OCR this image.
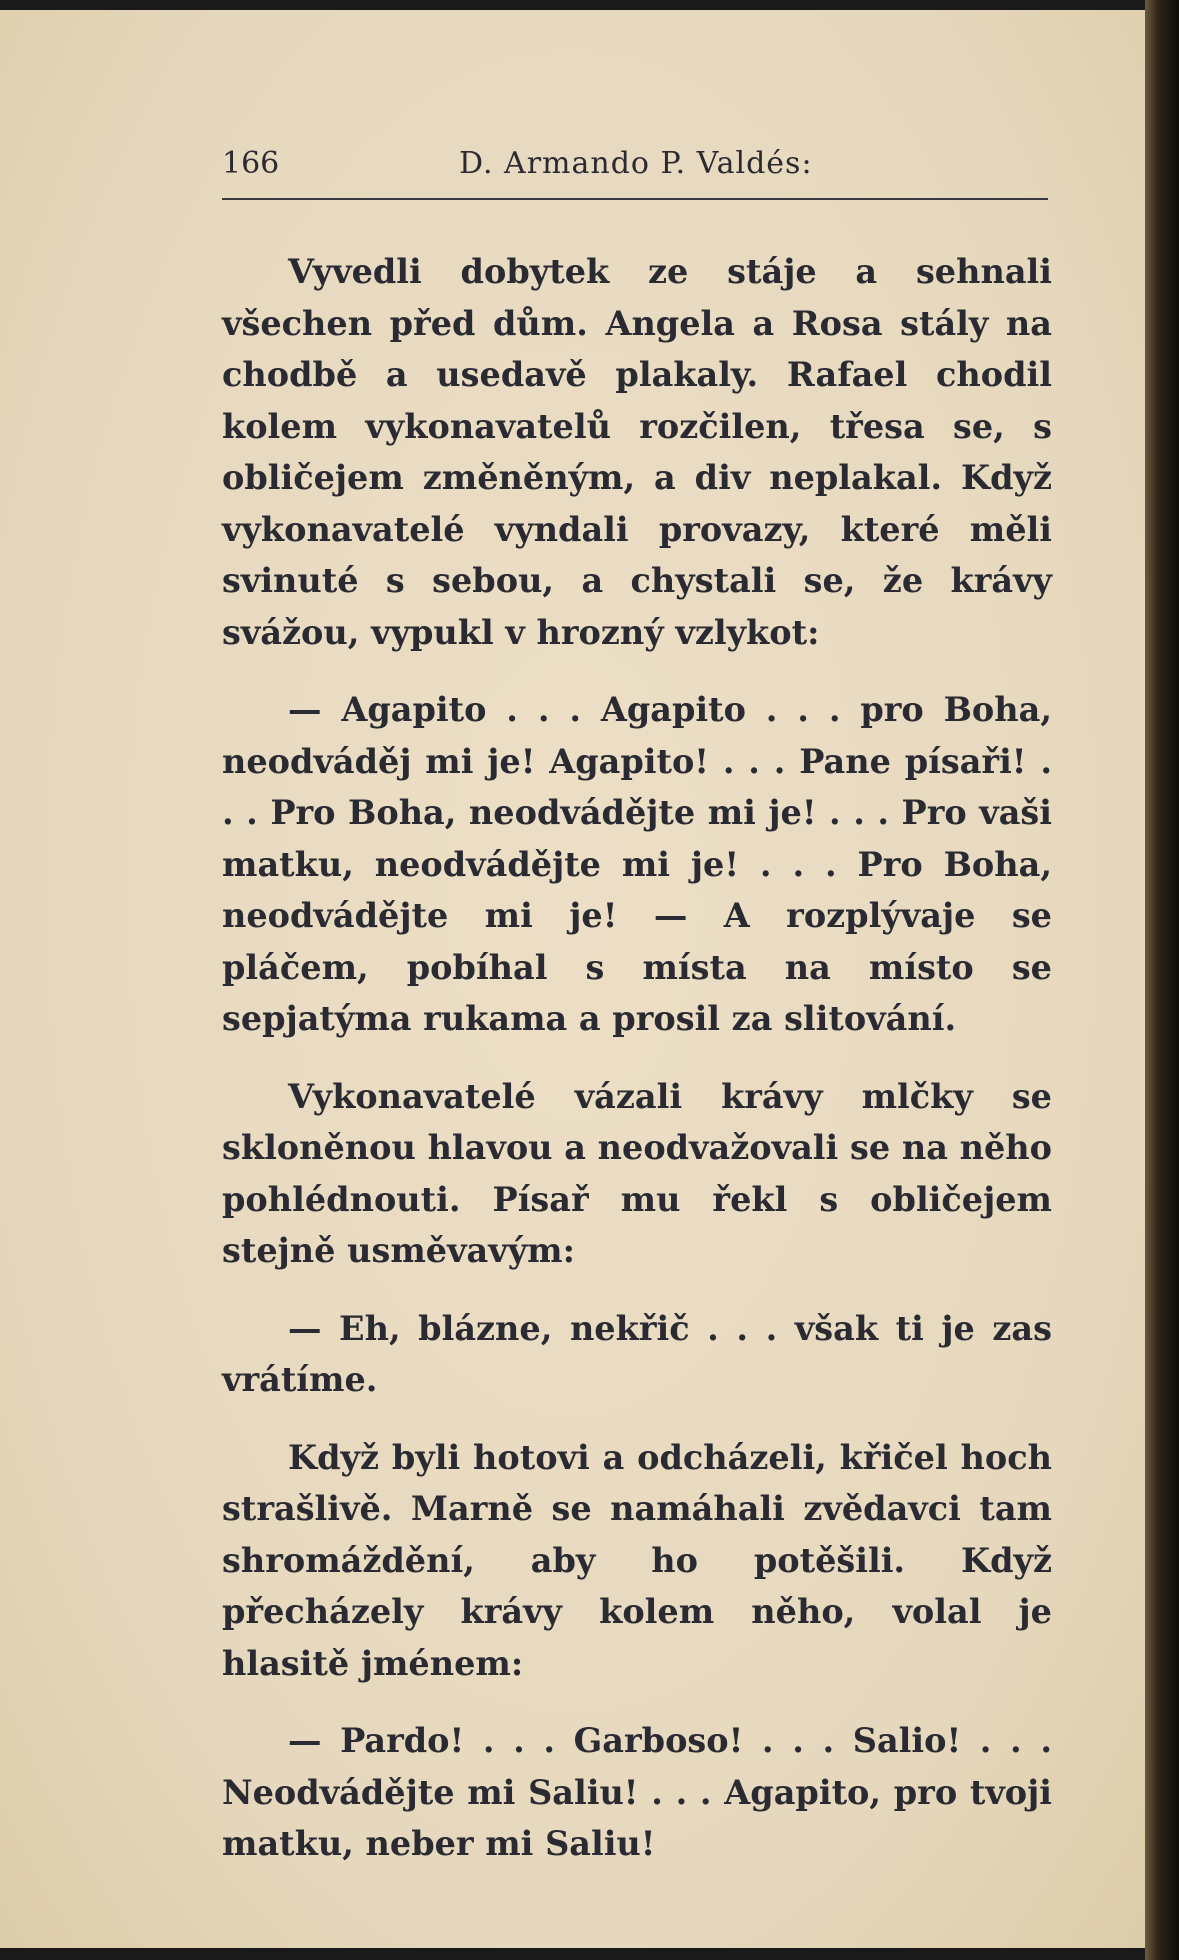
166	D. Armando P. Valdés:

Vyvedli dobytek ze stáje a sehnali všechen před dům. Angela a Rosa stály na chodbě a usedavě plakaly. Rafael chodil kolem vykonavatelů rozčilen, třesa se, s obličejem změněným, a div neplakal. Když vykonavatelé vyndali provazy, které měli svinuté s sebou, a chystali se, že krávy svážou, vypukl v hrozný vzlykot:

— Agapito . . . Agapito . . . pro Boha, neodváděj mi je! Agapito! . . . Pane písaři! . . . Pro Boha, neodvádějte mi je! . . . Pro vaši matku, neodvádějte mi je! . . . Pro Boha, neodvádějte mi je! — A rozplývaje se pláčem, pobíhal s místa na místo se sepjatýma rukama a prosil za slitování.

Vykonavatelé vázali krávy mlčky se skloněnou hlavou a neodvažovali se na něho pohlédnouti. Písař mu řekl s obličejem stejně usměvavým:

— Eh, blázne, nekřič . . . však ti je zas vrátíme.

Když byli hotovi a odcházeli, křičel hoch strašlivě. Marně se namáhali zvědavci tam shromáždění, aby ho potěšili. Když přecházely krávy kolem něho, volal je hlasitě jménem:

— Pardo! . . . Garboso! . . . Salio! . . . Neodvádějte mi Saliu! . . . Agapito, pro tvoji matku, neber mi Saliu!
